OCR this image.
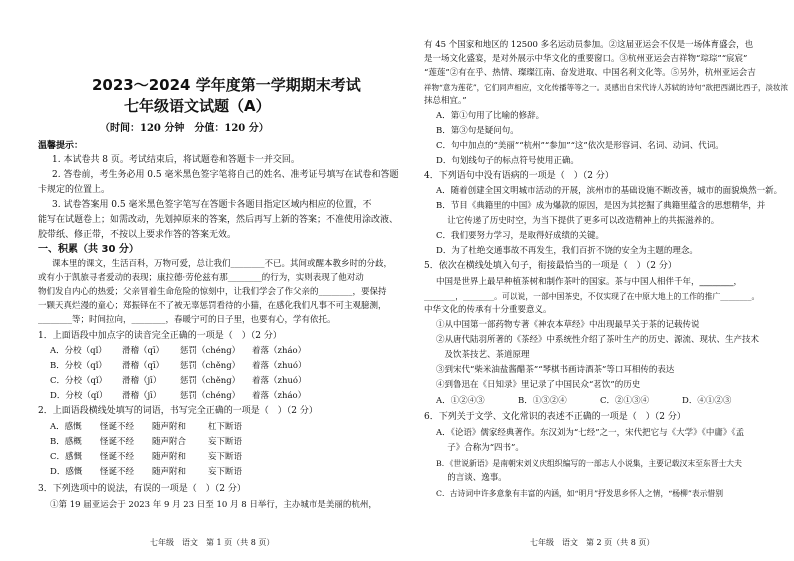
2023～2024 学年度第一学期期末考试
七年级语文试题（A）
（时间：120 分钟　分值：120 分）
温馨提示：
1. 本试卷共 8 页。考试结束后，将试题卷和答题卡一并交回。
2. 答卷前，考生务必用 0.5 毫米黑色签字笔将自己的姓名、准考证号填写在试卷和答题
卡规定的位置上。
3. 试卷答案用 0.5 毫米黑色签字笔写在答题卡各题目指定区域内相应的位置，不
能写在试题卷上；如需改动，先划掉原来的答案，然后再写上新的答案；不准使用涂改液、
胶带纸、修正带，不按以上要求作答的答案无效。
一、积累（共 30 分）
课本里的课文，生活百科，万物可爱，总让我们________不已。其间或醒本教乡时的分歧，
或有小于凯旅寻者爱动的表现；康拉德·劳伦兹有那________的行为，实则表现了他对动
物们发自内心的热爱；父亲冒着生命危险的惊刻中，让我们学会了作父亲的________，要保持
一颗天真烂漫的童心；郑振铎在不了被无辜惩罚看待的小猫，在感化我们凡事不可主观臆测，
________等；时间拉向，________，春暖宁可的日子里，也要有心，学有依托。
1．上面语段中加点字的读音完全正确的一项是（　）（2 分）
A．分校（qǐ） 滑稽（qī） 惩罚（chéng） 着落（zháo）
B．分校（qǐ） 滑稽（qī） 惩罚（chěng） 着落（zhuó）
C．分校（qǐ） 滑稽（jī） 惩罚（chěng） 着落（zhuó）
D．分校（qǐ） 滑稽（jī） 惩罚（chéng） 着落（zháo）
2．上面语段横线处填写的词语，书写完全正确的一项是（　）（2 分）
A．感慨 怪诞不经 随声附和	杠下断语
B．感概 怪诞不经 随声附合	妄下断语
C．感慨 怪诞不经 随声附和	妄下断语
D．感慨 怪诞不经 随声附和	妄下断语
3．下列选项中的说法，有误的一项是（　）（2 分）
①第 19 届亚运会于 2023 年 9 月 23 日至 10 月 8 日举行，主办城市是美丽的杭州，
七年级　语文　第 1 页（共 8 页）
有 45 个国家和地区的 12500 多名运动员参加。②这届亚运会不仅是一场体育盛会，也
是一场文化盛宴，是对外展示中华文化的重要窗口。③杭州亚运会吉祥物“琮琮”“宸宸”
“莲莲”②有在乎、热情、璨璨江南、奋发进取、中国名利文化等。⑤另外，杭州亚运会吉
祥物“意为莲花”，它们同声相应，文化传播等等之一。灵感出自宋代诗人苏轼的诗句“欲把西湖比西子，淡妆浓
抹总相宜。”
A．第①句用了比喻的修辞。
B．第③句是疑问句。
C．句中加点的“美丽”“杭州”“参加”“这”依次是形容词、名词、动词、代词。
D．句划线句子的标点符号使用正确。
4．下列语句中没有语病的一项是（　）（2 分）
A．随着创建全国文明城市活动的开展，滨州市的基础设施不断改善，城市的面貌焕然一新。
B．节目《典籍里的中国》成为爆款的原因，是因为其挖掘了典籍里蕴含的思想精华，并
　 让它传递了历史时空，为当下提供了更多可以改造精神上的共振滋养的。
C．我们要努力学习，是取得好成绩的关键。
D．为了杜绝交通事故不再发生，我们百折不饶的安全为主题的理念。
5．依次在横线处填入句子，衔接最恰当的一项是（　）（2 分）
中国是世界上最早种植茶树和制作茶叶的国家。茶与中国人相伴千年，________，
________，________。可以说，一部中国茶史，不仅实现了在中原大地上的工作的推广________。
中华文化的传承有十分重要意义。
①从中国第一部药物专著《神农本草经》中出现最早关于茶的记载传说
②从唐代陆羽所著的《茶经》中系统性介绍了茶叶生产的历史、源流、现状、生产技术
　及饮茶技艺、茶道原理
③到宋代“柴米油盐酱醋茶”“琴棋书画诗酒茶”等口耳相传的表达
④到鲁迅在《日知录》里记录了中国民众“茗饮”的历史
A．①②④③	B．①③②④	C．②①③④	D．④①②③
6．下列关于文学、文化常识的表述不正确的一项是（　）（2 分）
A．《论语》儒家经典著作。东汉刘为“七经”之一，宋代把它与《大学》《中庸》《孟
　 子》合称为“四书”。
B．《世说新语》是南朝宋刘义庆组织编写的一部志人小说集，主要记载汉末至东晋士大夫
　 的言谈、逸事。
C．古诗词中许多意象有丰富的内涵，如“明月”抒发思乡怀人之情，“杨柳”表示惜别
七年级　语文　第 2 页（共 8 页）
